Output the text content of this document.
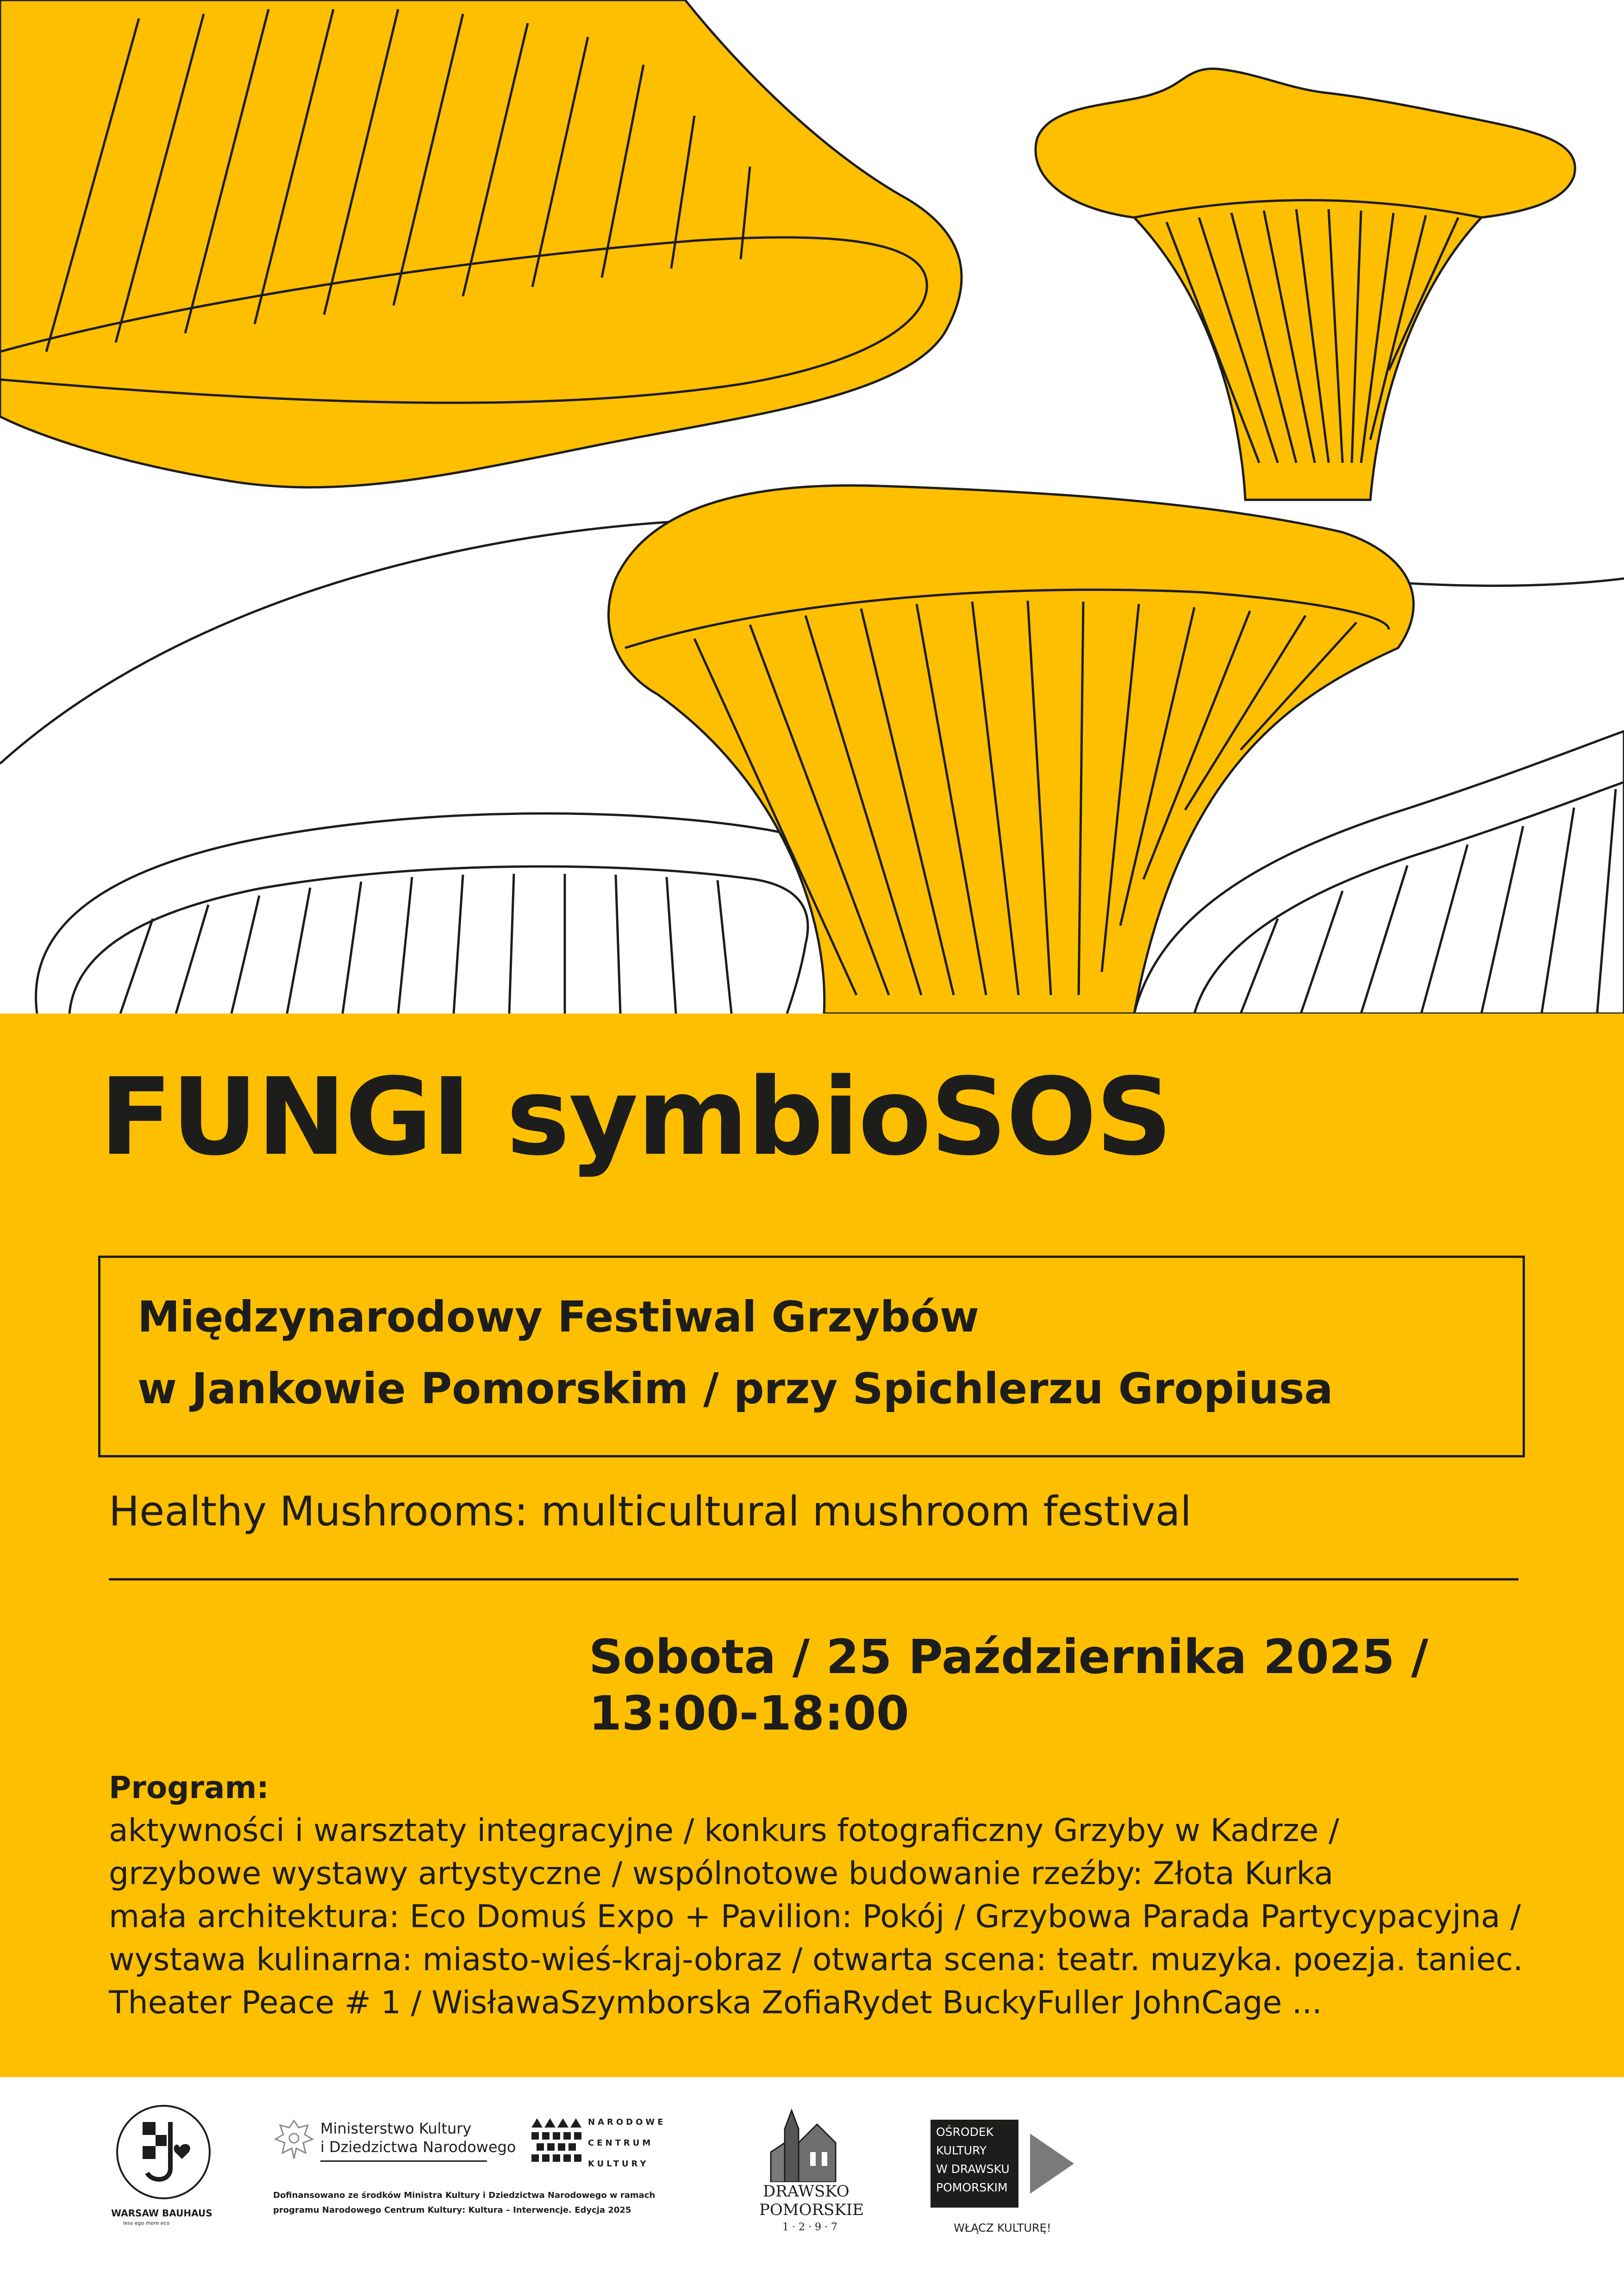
FUNGI symbioSOS

Międzynarodowy Festiwal Grzybów

w Jankowie Pomorskim / przy Spichlerzu Gropiusa

Healthy Mushrooms: multicultural mushroom festival

Sobota / 25 Października 2025 /

13:00-18:00

Program:

aktywności i warsztaty integracyjne / konkurs fotograficzny Grzyby w Kadrze /

grzybowe wystawy artystyczne / wspólnotowe budowanie rzeźby: Złota Kurka

mała architektura: Eco Domuś Expo + Pavilion: Pokój / Grzybowa Parada Partycypacyjna /

wystawa kulinarna: miasto-wieś-kraj-obraz / otwarta scena: teatr. muzyka. poezja. taniec.

Theater Peace # 1 / WisławaSzymborska ZofiaRydet BuckyFuller JohnCage ...

WARSAW BAUHAUS

less ego more eco

Ministerstwo Kultury

i Dziedzictwa Narodowego

Dofinansowano ze środków Ministra Kultury i Dziedzictwa Narodowego w ramach

programu Narodowego Centrum Kultury: Kultura – Interwencje. Edycja 2025

NARODOWE

CENTRUM

KULTURY

DRAWSKO

POMORSKIE

1 · 2 · 9 · 7

OŚRODEK

KULTURY

W DRAWSKU

POMORSKIM

WŁĄCZ KULTURĘ!
